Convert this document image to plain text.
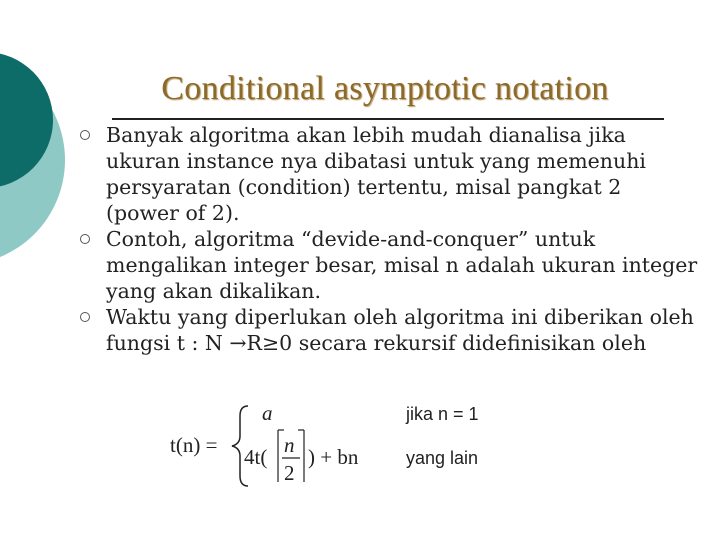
Conditional asymptotic notation
Banyak algoritma akan lebih mudah dianalisa jika ukuran instance nya dibatasi untuk yang memenuhi persyaratan (condition) tertentu, misal pangkat 2 (power of 2).
Contoh, algoritma “devide-and-conquer” untuk mengalikan integer besar, misal n adalah ukuran integer yang akan dikalikan.
Waktu yang diperlukan oleh algoritma ini diberikan oleh fungsi t : N →R≥0 secara rekursif didefinisikan oleh
t(n) =
a	jika n = 1
4t( n
2
) + bn	yang lain
